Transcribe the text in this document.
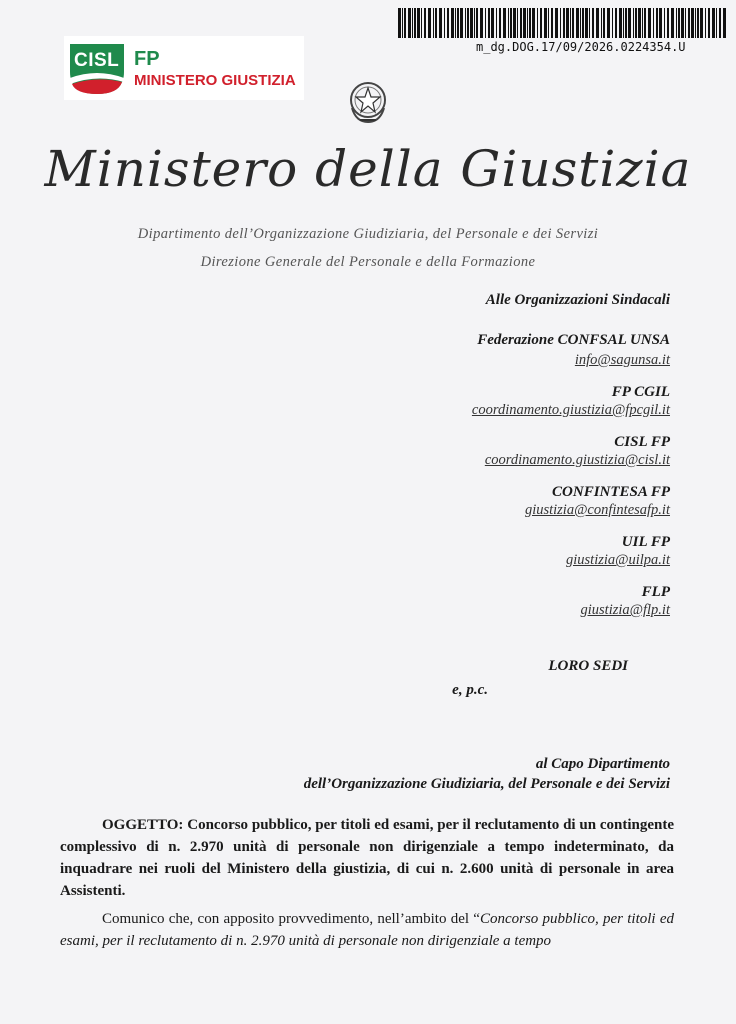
CISL FP
MINISTERO GIUSTIZIA
m_dg.DOG.17/09/2026.0224354.U
Ministero della Giustizia
Dipartimento dell’Organizzazione Giudiziaria, del Personale e dei Servizi
Direzione Generale del Personale e della Formazione
Alle Organizzazioni Sindacali
Federazione CONFSAL UNSA
info@sagunsa.it
FP CGIL
coordinamento.giustizia@fpcgil.it
CISL FP
coordinamento.giustizia@cisl.it
CONFINTESA FP
giustizia@confintesafp.it
UIL FP
giustizia@uilpa.it
FLP
giustizia@flp.it
LORO SEDI
e, p.c.
al Capo Dipartimento
dell’Organizzazione Giudiziaria, del Personale e dei Servizi
OGGETTO: Concorso pubblico, per titoli ed esami, per il reclutamento di un contingente complessivo di n. 2.970 unità di personale non dirigenziale a tempo indeterminato, da inquadrare nei ruoli del Ministero della giustizia, di cui n. 2.600 unità di personale in area Assistenti.
Comunico che, con apposito provvedimento, nell’ambito del “Concorso pubblico, per titoli ed esami, per il reclutamento di n. 2.970 unità di personale non dirigenziale a tempo
